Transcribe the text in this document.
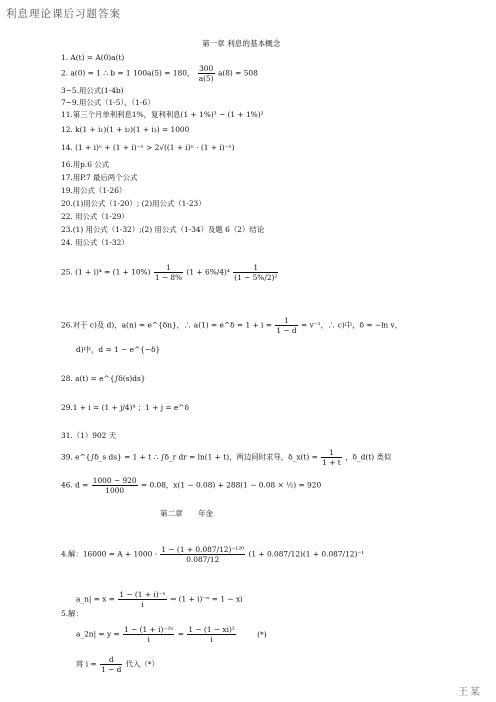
利息理论课后习题答案
第一章 利息的基本概念
1. A(t) = A(0)a(t)
2. a(0) = 1 ∴ b = 1 100a(5) = 180， $\frac{300}{a(5)} a(8) = 508$
3~5.用公式(1-4b)
7~9.用公式（1-5）、（1-6）
11.第三个月单利利息1%，复利利息(1 + 1%)³ − (1 + 1%)²
12. k(1 + i₁)(1 + i₂)(1 + i₃) = 1000
14. (1 + i)ⁿ + (1 + i)⁻ⁿ > 2√((1 + i)ⁿ · (1 + i)⁻ⁿ)
16.用p.6 公式
17.用P.7 最后两个公式
19.用公式（1-26）
20.(1)用公式（1-20）; (2)用公式（1-23）
22. 用公式（1-29）
23.(1) 用公式（1-32）;(2) 用公式（1-34）及题 6（2）结论
24. 用公式（1-32）
25. $(1 + i)^4 = (1 + 10\%) \frac{1}{1 - 8\%} (1 + 6\%/4)^4 \frac{1}{\text{(1 − 5\%/2)²}}$
26.对于 c)及 d)，a(n) = e^{δn}，∴ a(1) = e^δ = $1 + i = \frac{1}{1 - d} = v^{-1}$，∴ c)中，δ = −ln v，
d)中，d = 1 − e^{−δ}
28. a(t) = e^{∫δ(s)ds}
29.1 + i = (1 + j/4)⁴ ；1 + j = e^δ
31.（1）902 天
39. e^{∫δ_s ds} = 1 + t ∴ ∫δ_r dr = ln(1 + t)，两边同时求导，δ_x(t) = $\frac{1}{1 + t}$ ，δ_d(t) 类似
46. $d = \frac{1000 - 920}{1000} = 0.08$，x(1 − 0.08) + 288(1 − 0.08 × ½) = 920
第二章　　年金
4.解：$16000 = A + 1000 \cdot \frac{\text{1 − (1 + 0.087/12)⁻¹²⁰}}{0.087/12} (1 + 0.087/12)(1 + 0.087/12)^{-1}$
a_n| = $x = \frac{\text{1 − (1 + i)⁻ⁿ}}{i}$ ⇒ (1 + i)⁻ⁿ = 1 − xi
5.解：
a_2n| = $y = \frac{\text{1 − (1 + i)⁻²ⁿ}}{i} = \frac{\text{1 − (1 − xi)²}}{i}$	(*)
将 $i = \frac{d}{1 - d}$ 代入（*）
王某
